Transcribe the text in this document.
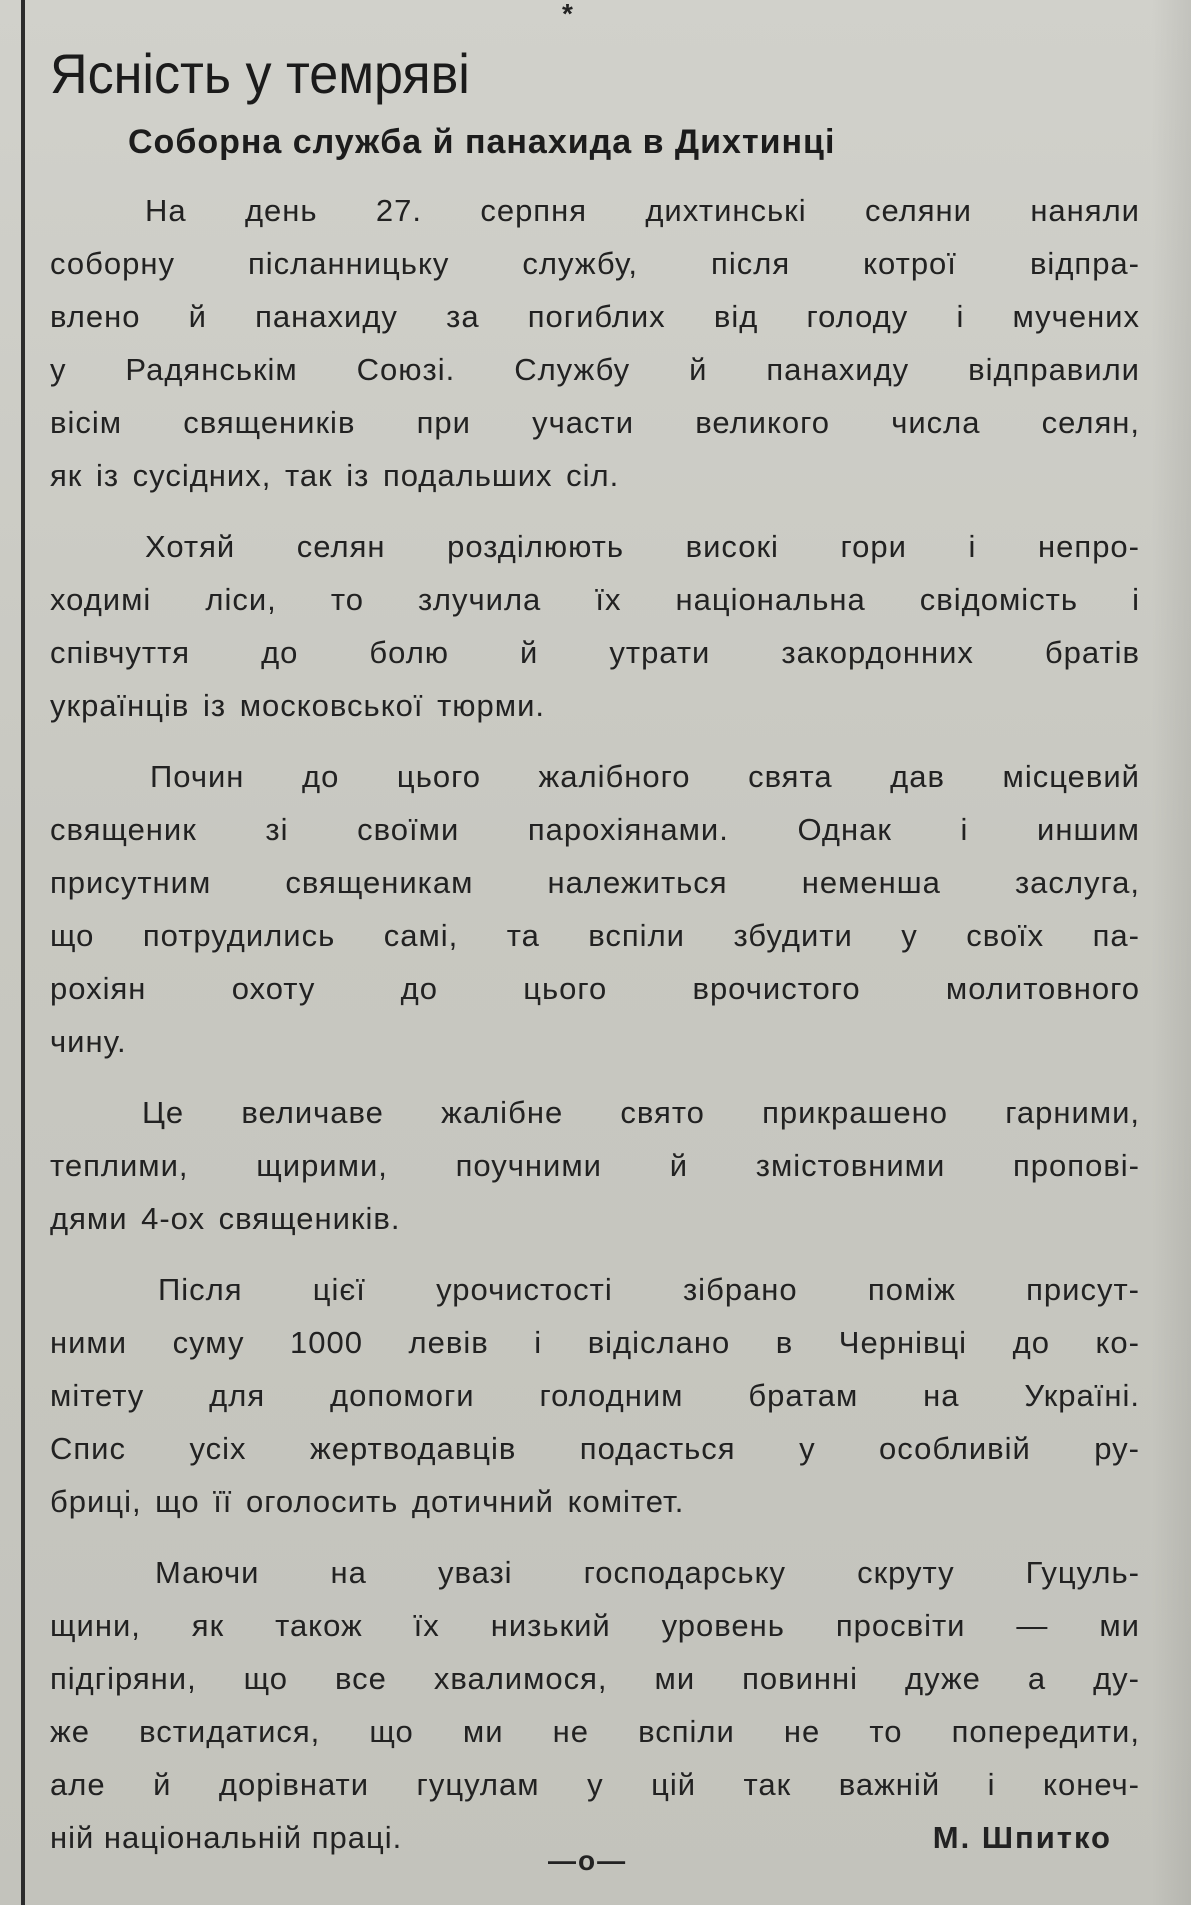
*
Ясність у темряві
Соборна служба й панахида в Дихтинці
На день 27. серпня дихтинські селяни наняли
соборну післанницьку службу, після котрої відпра-
влено й панахиду за погиблих від голоду і мучених
у Радянськім Союзі. Службу й панахиду відправили
вісім священиків при участи великого числа селян,
як із сусідних, так із подальших сіл.
Хотяй селян розділюють високі гори і непро-
ходимі ліси, то злучила їх національна свідомість і
співчуття до болю й утрати закордонних братів
українців із московської тюрми.
Почин до цього жалібного свята дав місцевий
священик зі своїми парохіянами. Однак і иншим
присутним священикам належиться неменша заслуга,
що потрудились самі, та вспіли збудити у своїх па-
рохіян охоту до цього врочистого молитовного
чину.
Це величаве жалібне свято прикрашено гарними,
теплими, щирими, поучними й змістовними пропові-
дями 4-ох священиків.
Після цієї урочистості зібрано поміж присут-
ними суму 1000 левів і відіслано в Чернівці до ко-
мітету для допомоги голодним братам на Україні.
Спис усіх жертводавців подасться у особливій ру-
бриці, що її оголосить дотичний комітет.
Маючи на увазі господарську скруту Гуцуль-
щини, як також їх низький уровень просвіти — ми
підгіряни, що все хвалимося, ми повинні дуже а ду-
же встидатися, що ми не вспіли не то попередити,
але й дорівнати гуцулам у цій так важній і конеч-
ній національній праці.	М. Шпитко
—о—
